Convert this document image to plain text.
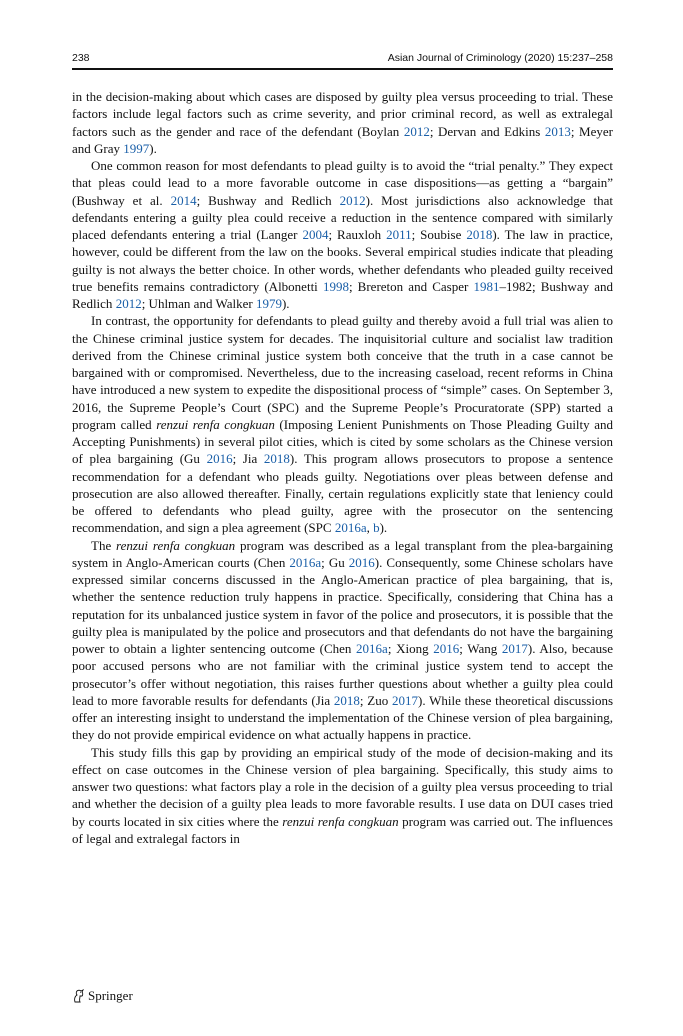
238	Asian Journal of Criminology (2020) 15:237–258

in the decision-making about which cases are disposed by guilty plea versus proceeding to trial. These factors include legal factors such as crime severity, and prior criminal record, as well as extralegal factors such as the gender and race of the defendant (Boylan 2012; Dervan and Edkins 2013; Meyer and Gray 1997).

One common reason for most defendants to plead guilty is to avoid the “trial penalty.” They expect that pleas could lead to a more favorable outcome in case dispositions—as getting a “bargain” (Bushway et al. 2014; Bushway and Redlich 2012). Most jurisdictions also acknowledge that defendants entering a guilty plea could receive a reduction in the sentence compared with similarly placed defendants entering a trial (Langer 2004; Rauxloh 2011; Soubise 2018). The law in practice, however, could be different from the law on the books. Several empirical studies indicate that pleading guilty is not always the better choice. In other words, whether defendants who pleaded guilty received true benefits remains contradictory (Albonetti 1998; Brereton and Casper 1981–1982; Bushway and Redlich 2012; Uhlman and Walker 1979).

In contrast, the opportunity for defendants to plead guilty and thereby avoid a full trial was alien to the Chinese criminal justice system for decades. The inquisitorial culture and socialist law tradition derived from the Chinese criminal justice system both conceive that the truth in a case cannot be bargained with or compromised. Nevertheless, due to the increasing caseload, recent reforms in China have introduced a new system to expedite the dispositional process of “simple” cases. On September 3, 2016, the Supreme People’s Court (SPC) and the Supreme People’s Procuratorate (SPP) started a program called renzui renfa congkuan (Imposing Lenient Punishments on Those Pleading Guilty and Accepting Punishments) in several pilot cities, which is cited by some scholars as the Chinese version of plea bargaining (Gu 2016; Jia 2018). This program allows prosecutors to propose a sentence recommendation for a defendant who pleads guilty. Negotiations over pleas between defense and prosecution are also allowed thereafter. Finally, certain regulations explicitly state that leniency could be offered to defendants who plead guilty, agree with the prosecutor on the sentencing recommendation, and sign a plea agreement (SPC 2016a, b).

The renzui renfa congkuan program was described as a legal transplant from the plea-bargaining system in Anglo-American courts (Chen 2016a; Gu 2016). Consequently, some Chinese scholars have expressed similar concerns discussed in the Anglo-American practice of plea bargaining, that is, whether the sentence reduction truly happens in practice. Specifically, considering that China has a reputation for its unbalanced justice system in favor of the police and prosecutors, it is possible that the guilty plea is manipulated by the police and prosecutors and that defendants do not have the bargaining power to obtain a lighter sentencing outcome (Chen 2016a; Xiong 2016; Wang 2017). Also, because poor accused persons who are not familiar with the criminal justice system tend to accept the prosecutor’s offer without negotiation, this raises further questions about whether a guilty plea could lead to more favorable results for defendants (Jia 2018; Zuo 2017). While these theoretical discussions offer an interesting insight to understand the implementation of the Chinese version of plea bargaining, they do not provide empirical evidence on what actually happens in practice.

This study fills this gap by providing an empirical study of the mode of decision-making and its effect on case outcomes in the Chinese version of plea bargaining. Specifically, this study aims to answer two questions: what factors play a role in the decision of a guilty plea versus proceeding to trial and whether the decision of a guilty plea leads to more favorable results. I use data on DUI cases tried by courts located in six cities where the renzui renfa congkuan program was carried out. The influences of legal and extralegal factors in

Springer
